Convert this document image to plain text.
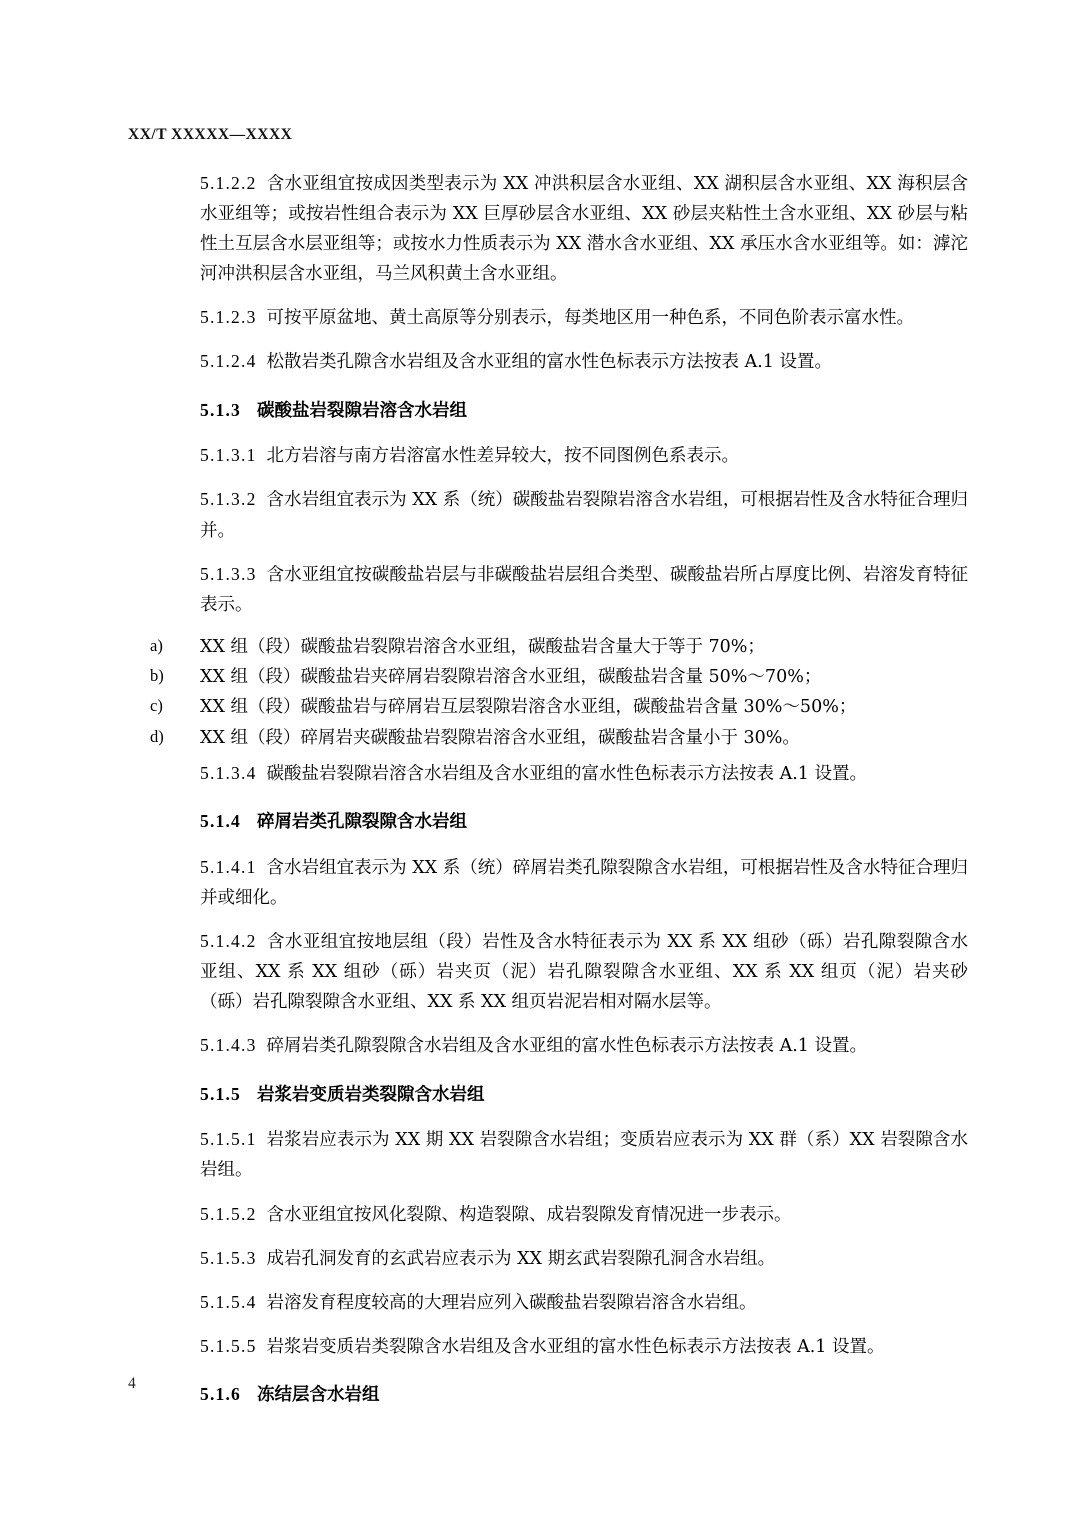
XX/T XXXXX—XXXX

5.1.2.2 含水亚组宜按成因类型表示为 XX 冲洪积层含水亚组、XX 湖积层含水亚组、XX 海积层含水亚组等；或按岩性组合表示为 XX 巨厚砂层含水亚组、XX 砂层夹粘性土含水亚组、XX 砂层与粘性土互层含水层亚组等；或按水力性质表示为 XX 潜水含水亚组、XX 承压水含水亚组等。如：滹沱河冲洪积层含水亚组，马兰风积黄土含水亚组。

5.1.2.3 可按平原盆地、黄土高原等分别表示，每类地区用一种色系，不同色阶表示富水性。

5.1.2.4 松散岩类孔隙含水岩组及含水亚组的富水性色标表示方法按表 A.1 设置。

5.1.3 碳酸盐岩裂隙岩溶含水岩组

5.1.3.1 北方岩溶与南方岩溶富水性差异较大，按不同图例色系表示。

5.1.3.2 含水岩组宜表示为 XX 系（统）碳酸盐岩裂隙岩溶含水岩组，可根据岩性及含水特征合理归并。

5.1.3.3 含水亚组宜按碳酸盐岩层与非碳酸盐岩层组合类型、碳酸盐岩所占厚度比例、岩溶发育特征表示。

a) XX 组（段）碳酸盐岩裂隙岩溶含水亚组，碳酸盐岩含量大于等于 70%；
b) XX 组（段）碳酸盐岩夹碎屑岩裂隙岩溶含水亚组，碳酸盐岩含量 50%～70%；
c) XX 组（段）碳酸盐岩与碎屑岩互层裂隙岩溶含水亚组，碳酸盐岩含量 30%～50%；
d) XX 组（段）碎屑岩夹碳酸盐岩裂隙岩溶含水亚组，碳酸盐岩含量小于 30%。

5.1.3.4 碳酸盐岩裂隙岩溶含水岩组及含水亚组的富水性色标表示方法按表 A.1 设置。

5.1.4 碎屑岩类孔隙裂隙含水岩组

5.1.4.1 含水岩组宜表示为 XX 系（统）碎屑岩类孔隙裂隙含水岩组，可根据岩性及含水特征合理归并或细化。

5.1.4.2 含水亚组宜按地层组（段）岩性及含水特征表示为 XX 系 XX 组砂（砾）岩孔隙裂隙含水亚组、XX 系 XX 组砂（砾）岩夹页（泥）岩孔隙裂隙含水亚组、XX 系 XX 组页（泥）岩夹砂（砾）岩孔隙裂隙含水亚组、XX 系 XX 组页岩泥岩相对隔水层等。

5.1.4.3 碎屑岩类孔隙裂隙含水岩组及含水亚组的富水性色标表示方法按表 A.1 设置。

5.1.5 岩浆岩变质岩类裂隙含水岩组

5.1.5.1 岩浆岩应表示为 XX 期 XX 岩裂隙含水岩组；变质岩应表示为 XX 群（系）XX 岩裂隙含水岩组。

5.1.5.2 含水亚组宜按风化裂隙、构造裂隙、成岩裂隙发育情况进一步表示。

5.1.5.3 成岩孔洞发育的玄武岩应表示为 XX 期玄武岩裂隙孔洞含水岩组。

5.1.5.4 岩溶发育程度较高的大理岩应列入碳酸盐岩裂隙岩溶含水岩组。

5.1.5.5 岩浆岩变质岩类裂隙含水岩组及含水亚组的富水性色标表示方法按表 A.1 设置。

5.1.6 冻结层含水岩组
4
